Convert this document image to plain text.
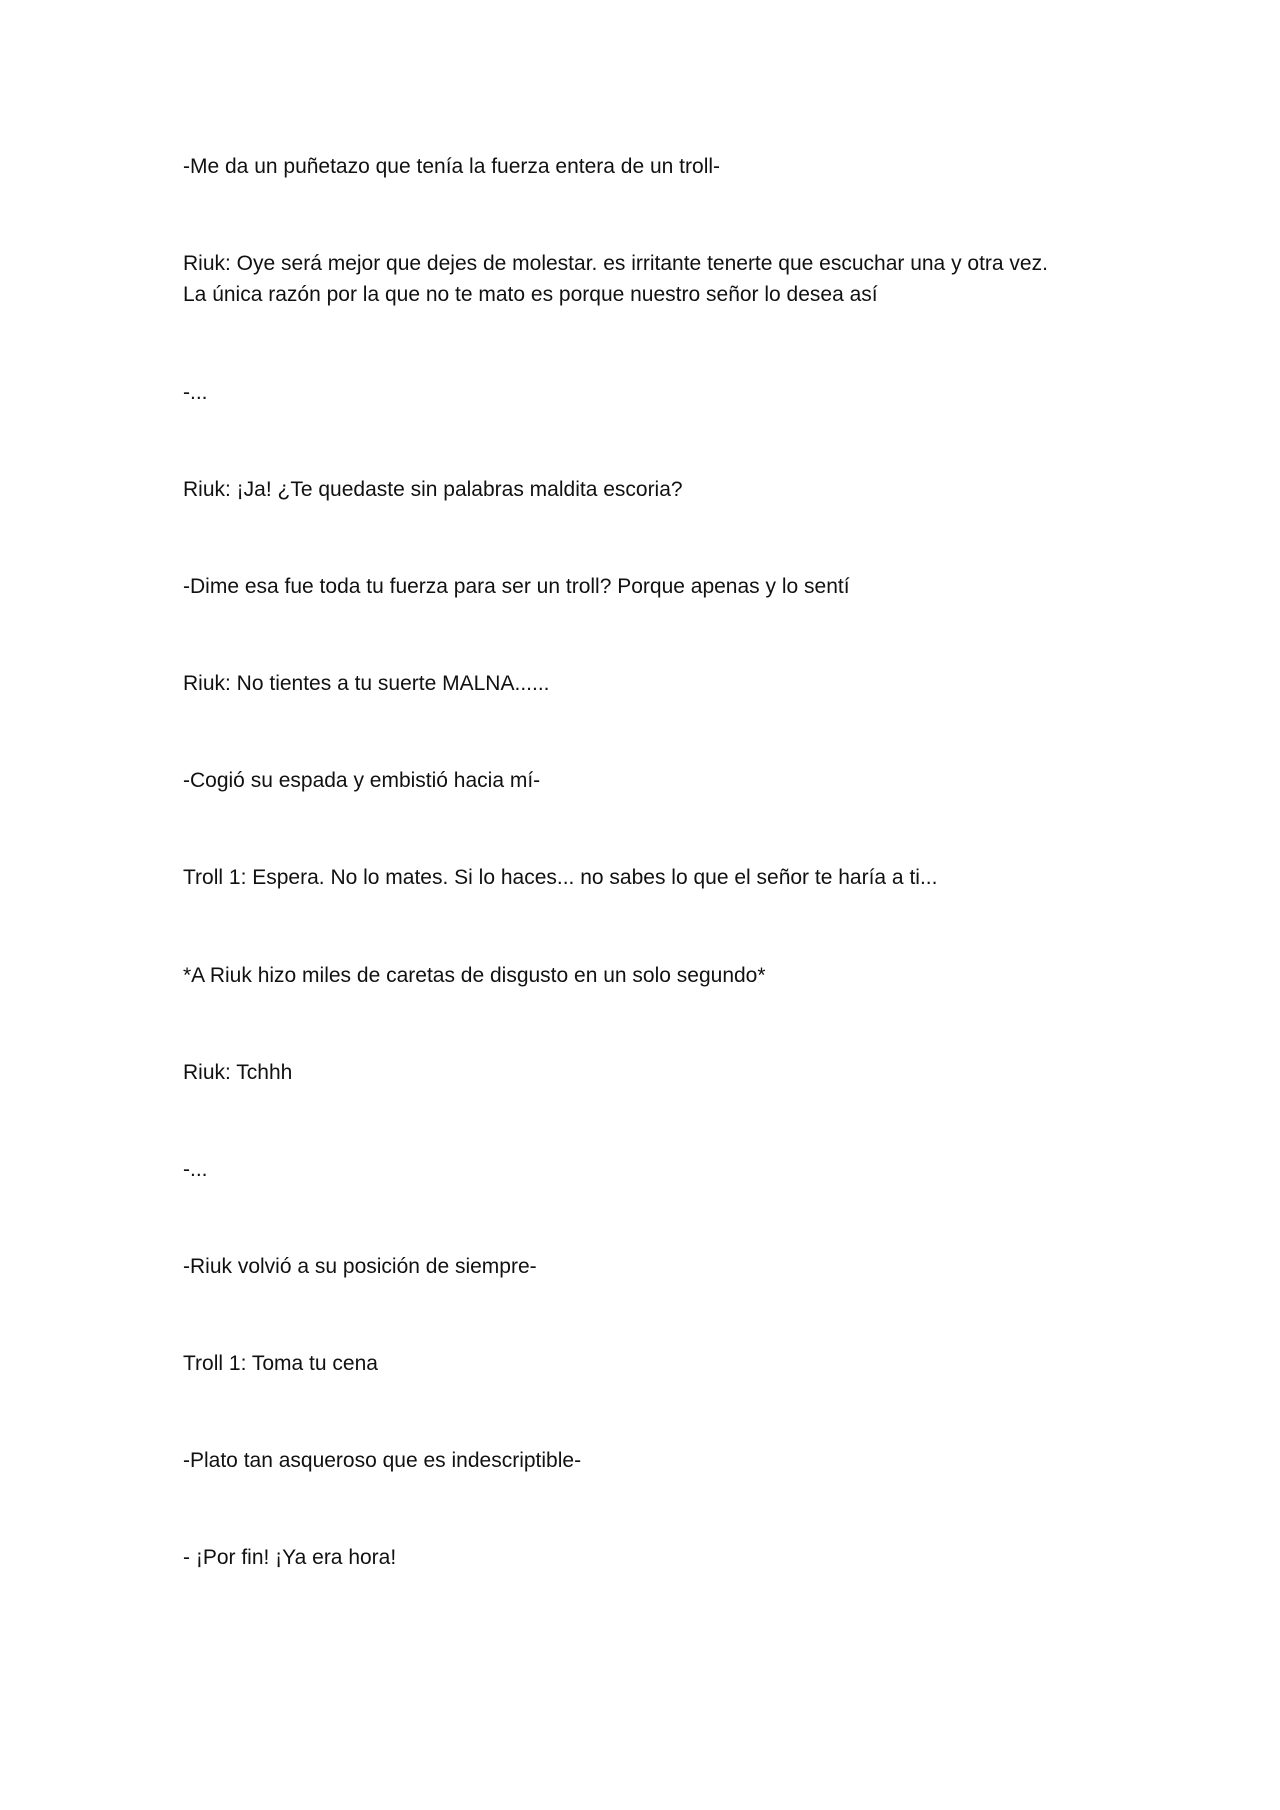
-Me da un puñetazo que tenía la fuerza entera de un troll-

Riuk: Oye será mejor que dejes de molestar. es irritante tenerte que escuchar una y otra vez.

La única razón por la que no te mato es porque nuestro señor lo desea así

-...

Riuk: ¡Ja! ¿Te quedaste sin palabras maldita escoria?

-Dime esa fue toda tu fuerza para ser un troll? Porque apenas y lo sentí

Riuk: No tientes a tu suerte MALNA......

-Cogió su espada y embistió hacia mí-

Troll 1: Espera. No lo mates. Si lo haces... no sabes lo que el señor te haría a ti...

*A Riuk hizo miles de caretas de disgusto en un solo segundo*

Riuk: Tchhh

-...

-Riuk volvió a su posición de siempre-

Troll 1: Toma tu cena

-Plato tan asqueroso que es indescriptible-

- ¡Por fin! ¡Ya era hora!
